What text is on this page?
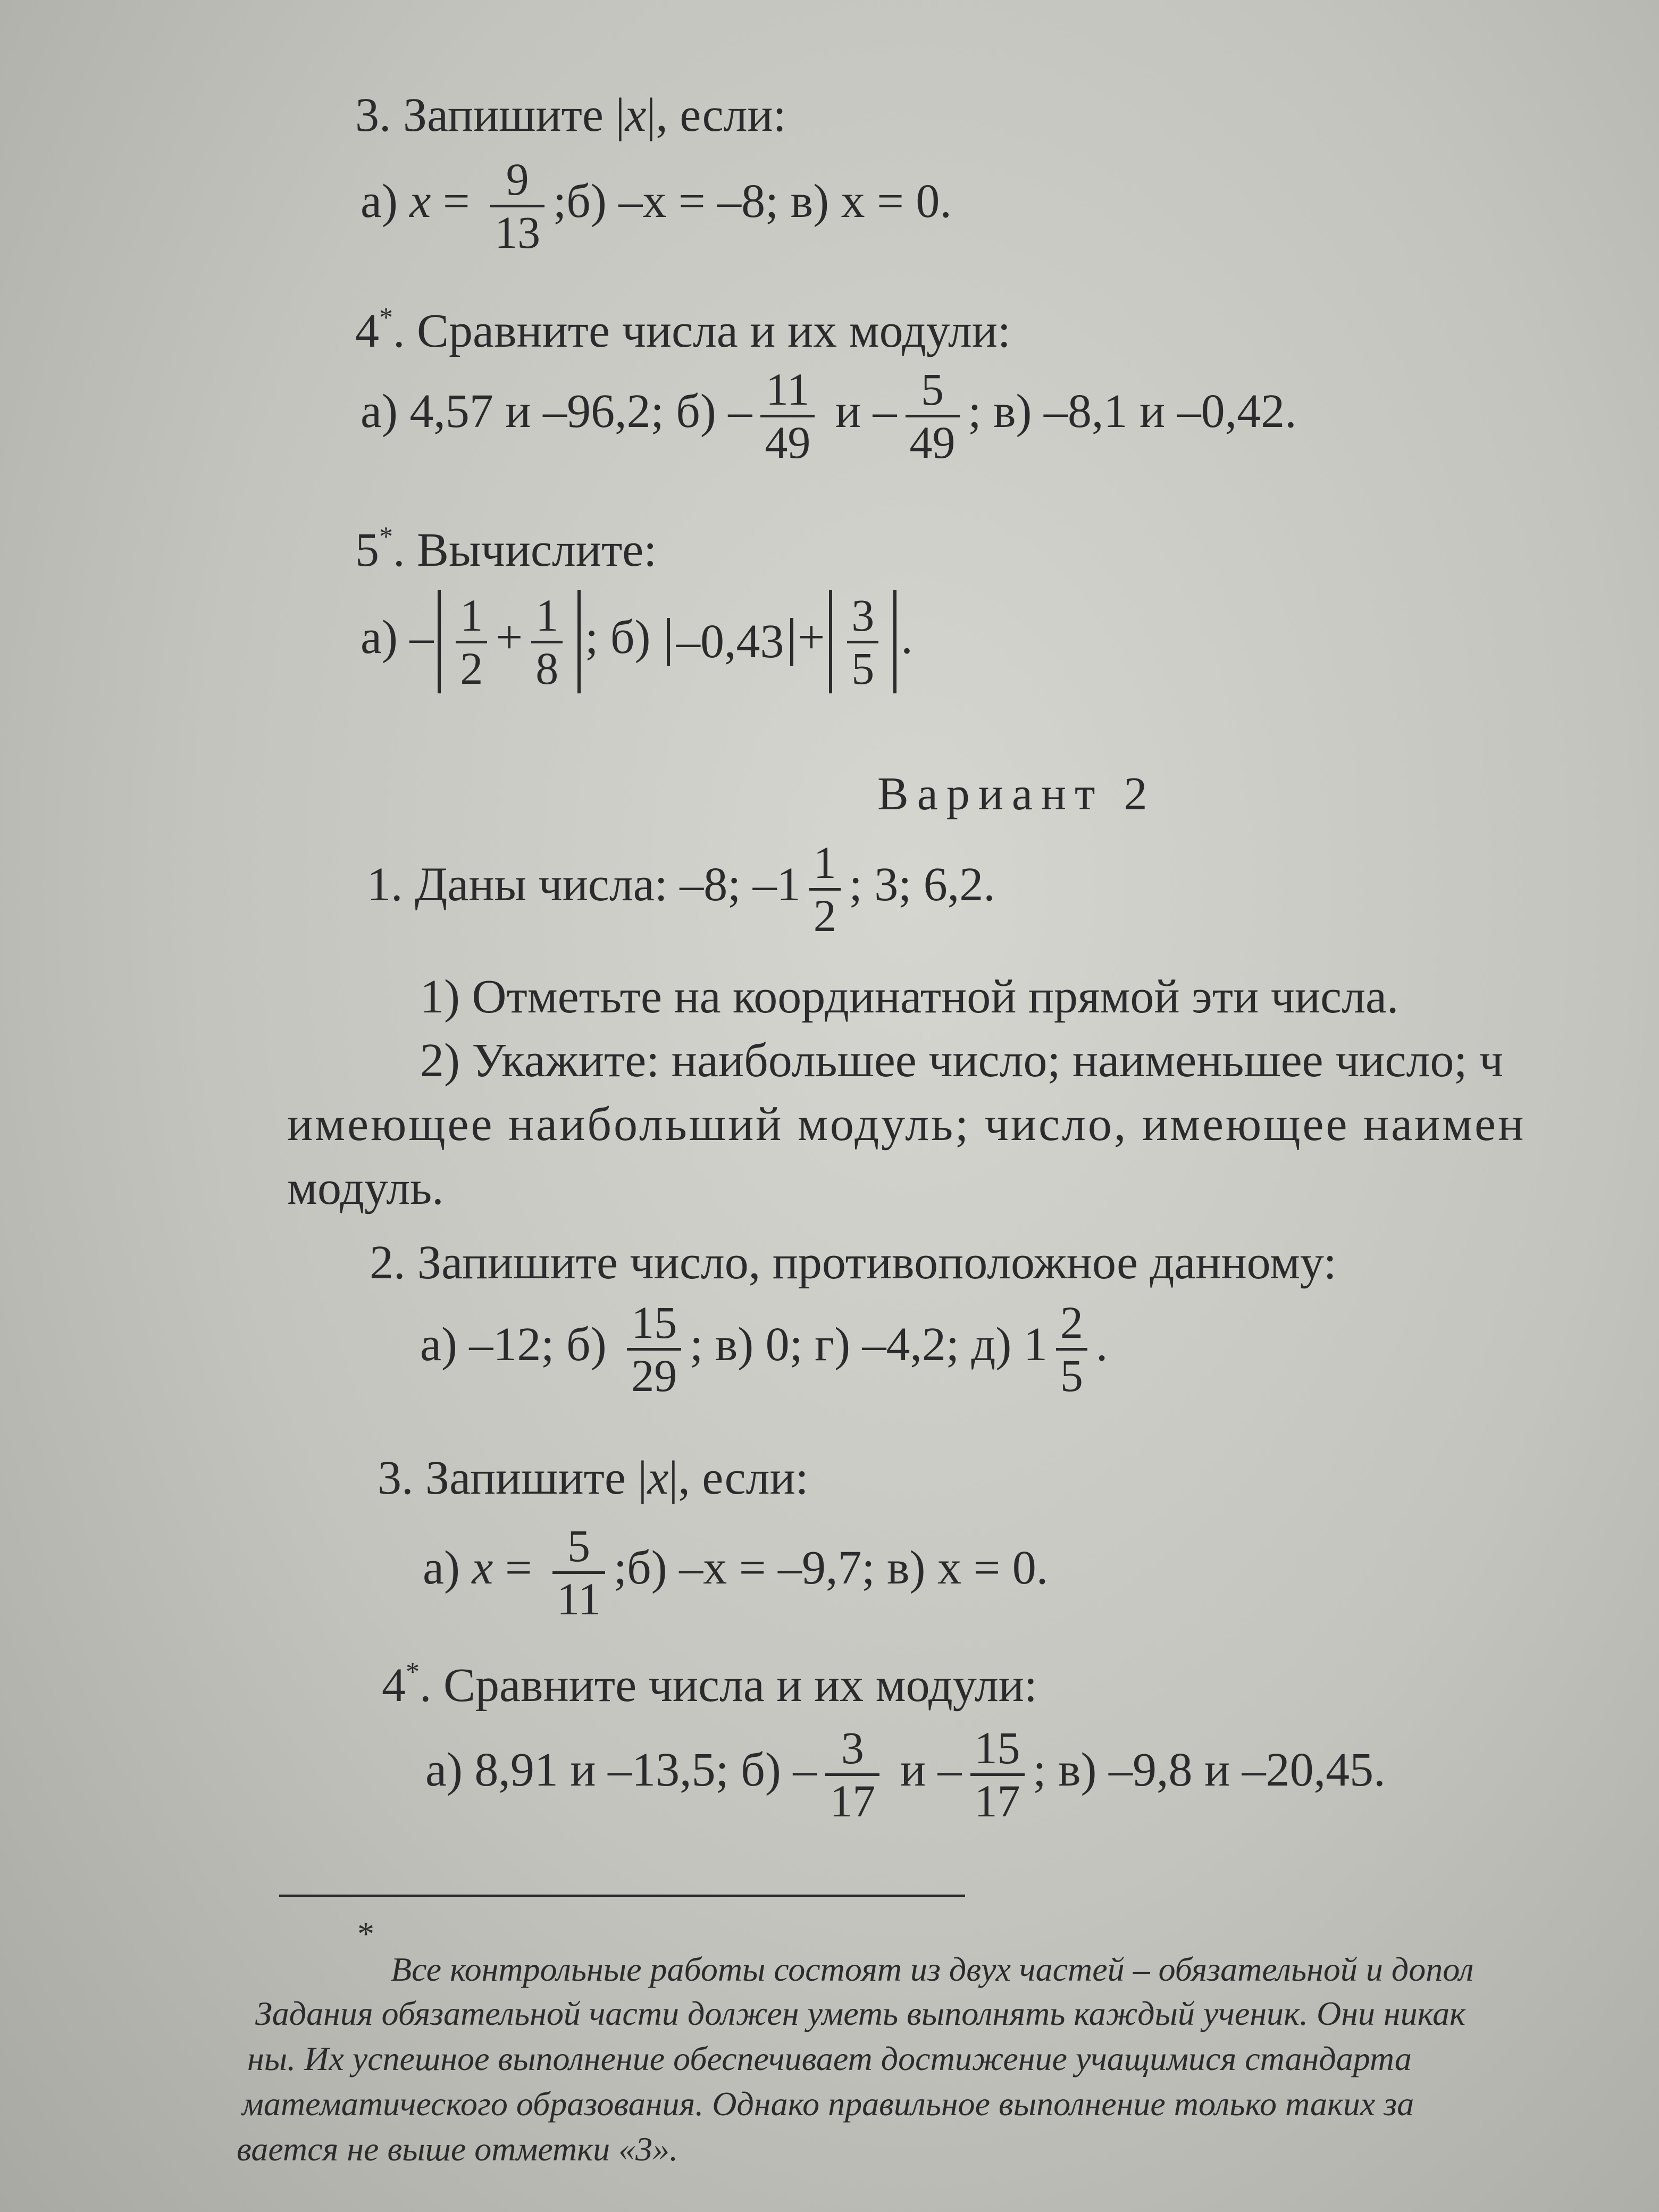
3. Запишите |x|, если:
а) $x = \frac{9}{13}$ ;б) –x = –8; в) x = 0.
4*. Сравните числа и их модули:
а) 4,57 и –96,2; $б) - \frac{11}{49}$ и – $\frac{5}{49}$ ; в) –8,1 и –0,42.
5*. Вычислите:
$а) - \frac{1}{2} + \frac{1}{8}$ ; б) $-0,43 + \frac{3}{5}$ .
Вариант 2
1. Даны числа: –8; $-1 \frac{1}{2}$ ; 3; 6,2.
1) Отметьте на координатной прямой эти числа.
2) Укажите: наибольшее число; наименьшее число; ч
имеющее наибольший модуль; число, имеющее наимен
модуль.
2. Запишите число, противоположное данному:
а) –12; $б) \frac{15}{29}$ ; в) 0; г) –4,2; д) $1 \frac{2}{5}$ .
3. Запишите |x|, если:
а) $x = \frac{5}{11}$ ;б) –x = –9,7; в) x = 0.
4*. Сравните числа и их модули:
а) 8,91 и –13,5; $б) - \frac{3}{17}$ и – $\frac{15}{17}$ ; в) –9,8 и –20,45.
*
Все контрольные работы состоят из двух частей – обязательной и допол
Задания обязательной части должен уметь выполнять каждый ученик. Они никак
ны. Их успешное выполнение обеспечивает достижение учащимися стандарта
математического образования. Однако правильное выполнение только таких за
вается не выше отметки «3».
